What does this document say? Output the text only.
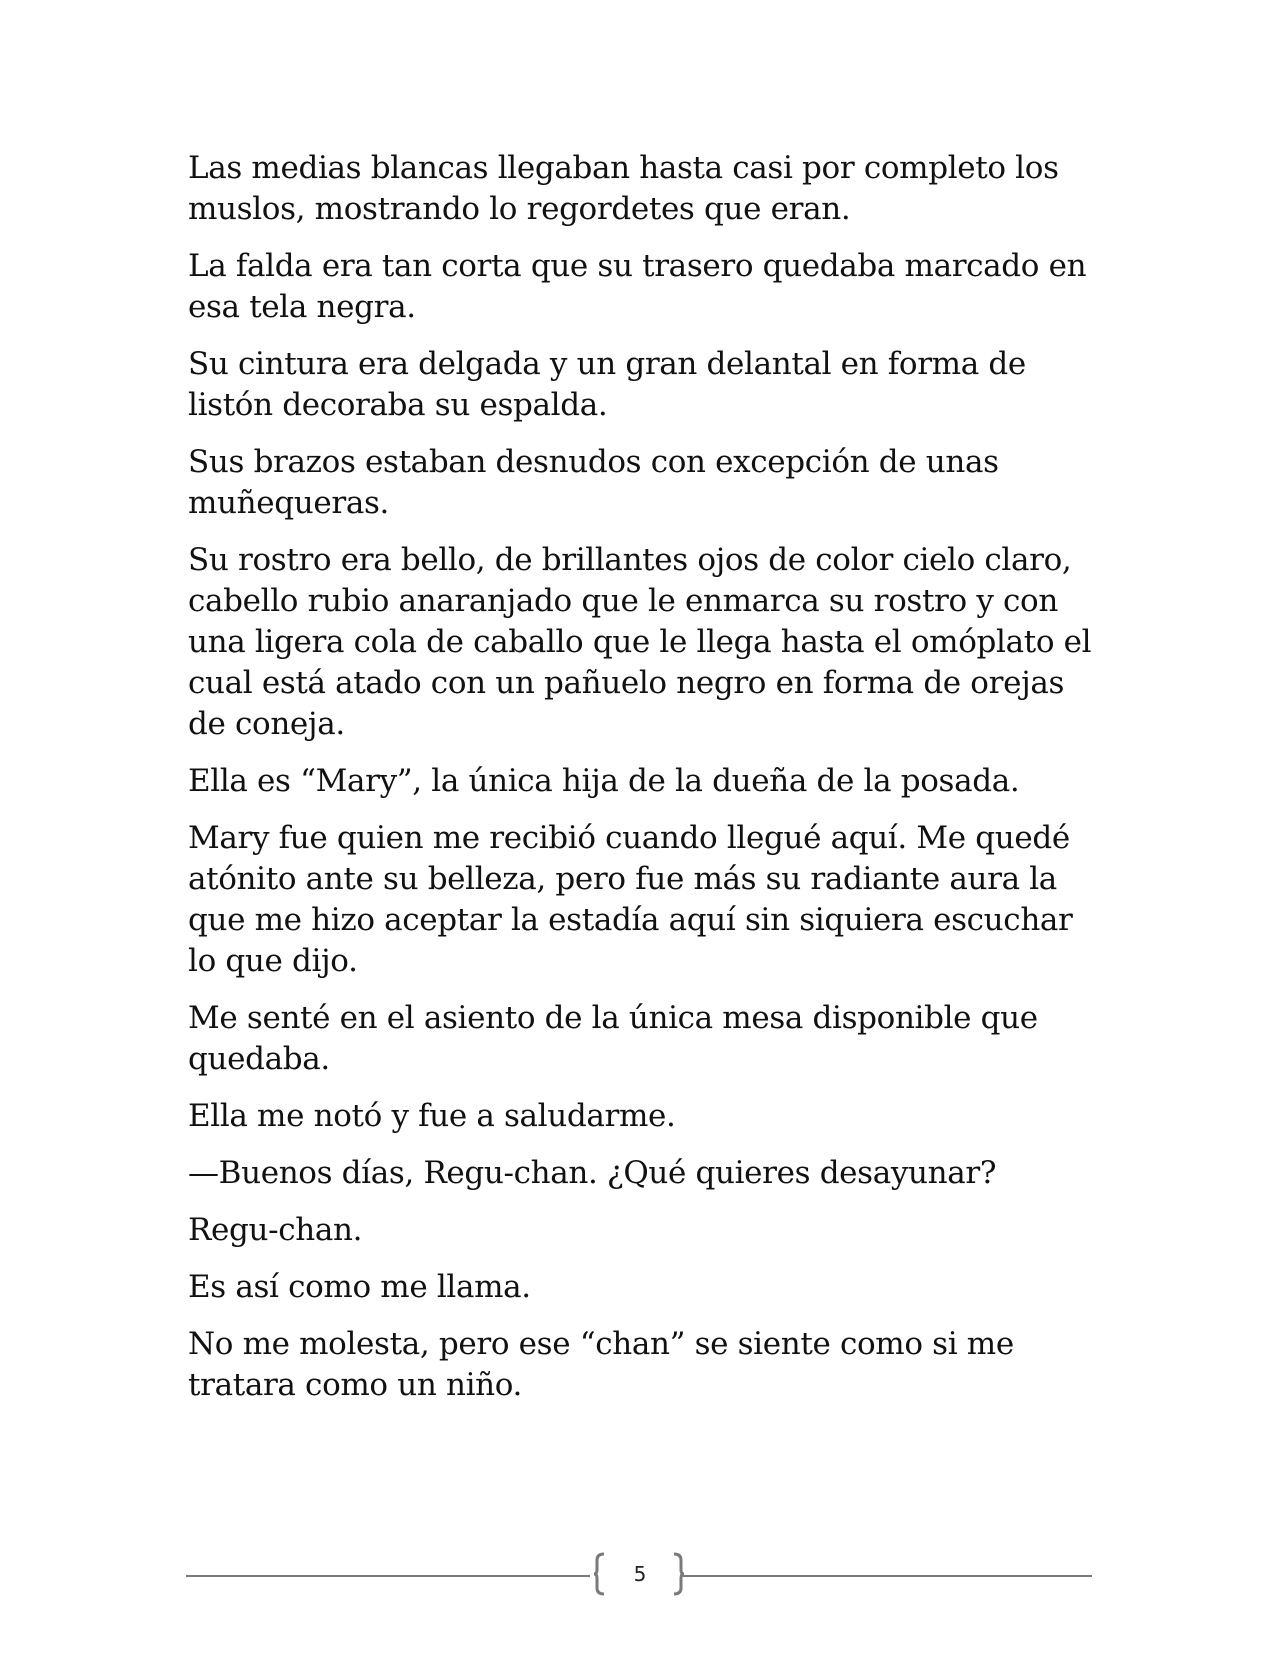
Las medias blancas llegaban hasta casi por completo los muslos, mostrando lo regordetes que eran.

La falda era tan corta que su trasero quedaba marcado en esa tela negra.

Su cintura era delgada y un gran delantal en forma de listón decoraba su espalda.

Sus brazos estaban desnudos con excepción de unas muñequeras.

Su rostro era bello, de brillantes ojos de color cielo claro, cabello rubio anaranjado que le enmarca su rostro y con una ligera cola de caballo que le llega hasta el omóplato el cual está atado con un pañuelo negro en forma de orejas de coneja.

Ella es “Mary”, la única hija de la dueña de la posada.

Mary fue quien me recibió cuando llegué aquí. Me quedé atónito ante su belleza, pero fue más su radiante aura la que me hizo aceptar la estadía aquí sin siquiera escuchar lo que dijo.

Me senté en el asiento de la única mesa disponible que quedaba.

Ella me notó y fue a saludarme.

—Buenos días, Regu-chan. ¿Qué quieres desayunar?

Regu-chan.

Es así como me llama.

No me molesta, pero ese “chan” se siente como si me tratara como un niño.

5
